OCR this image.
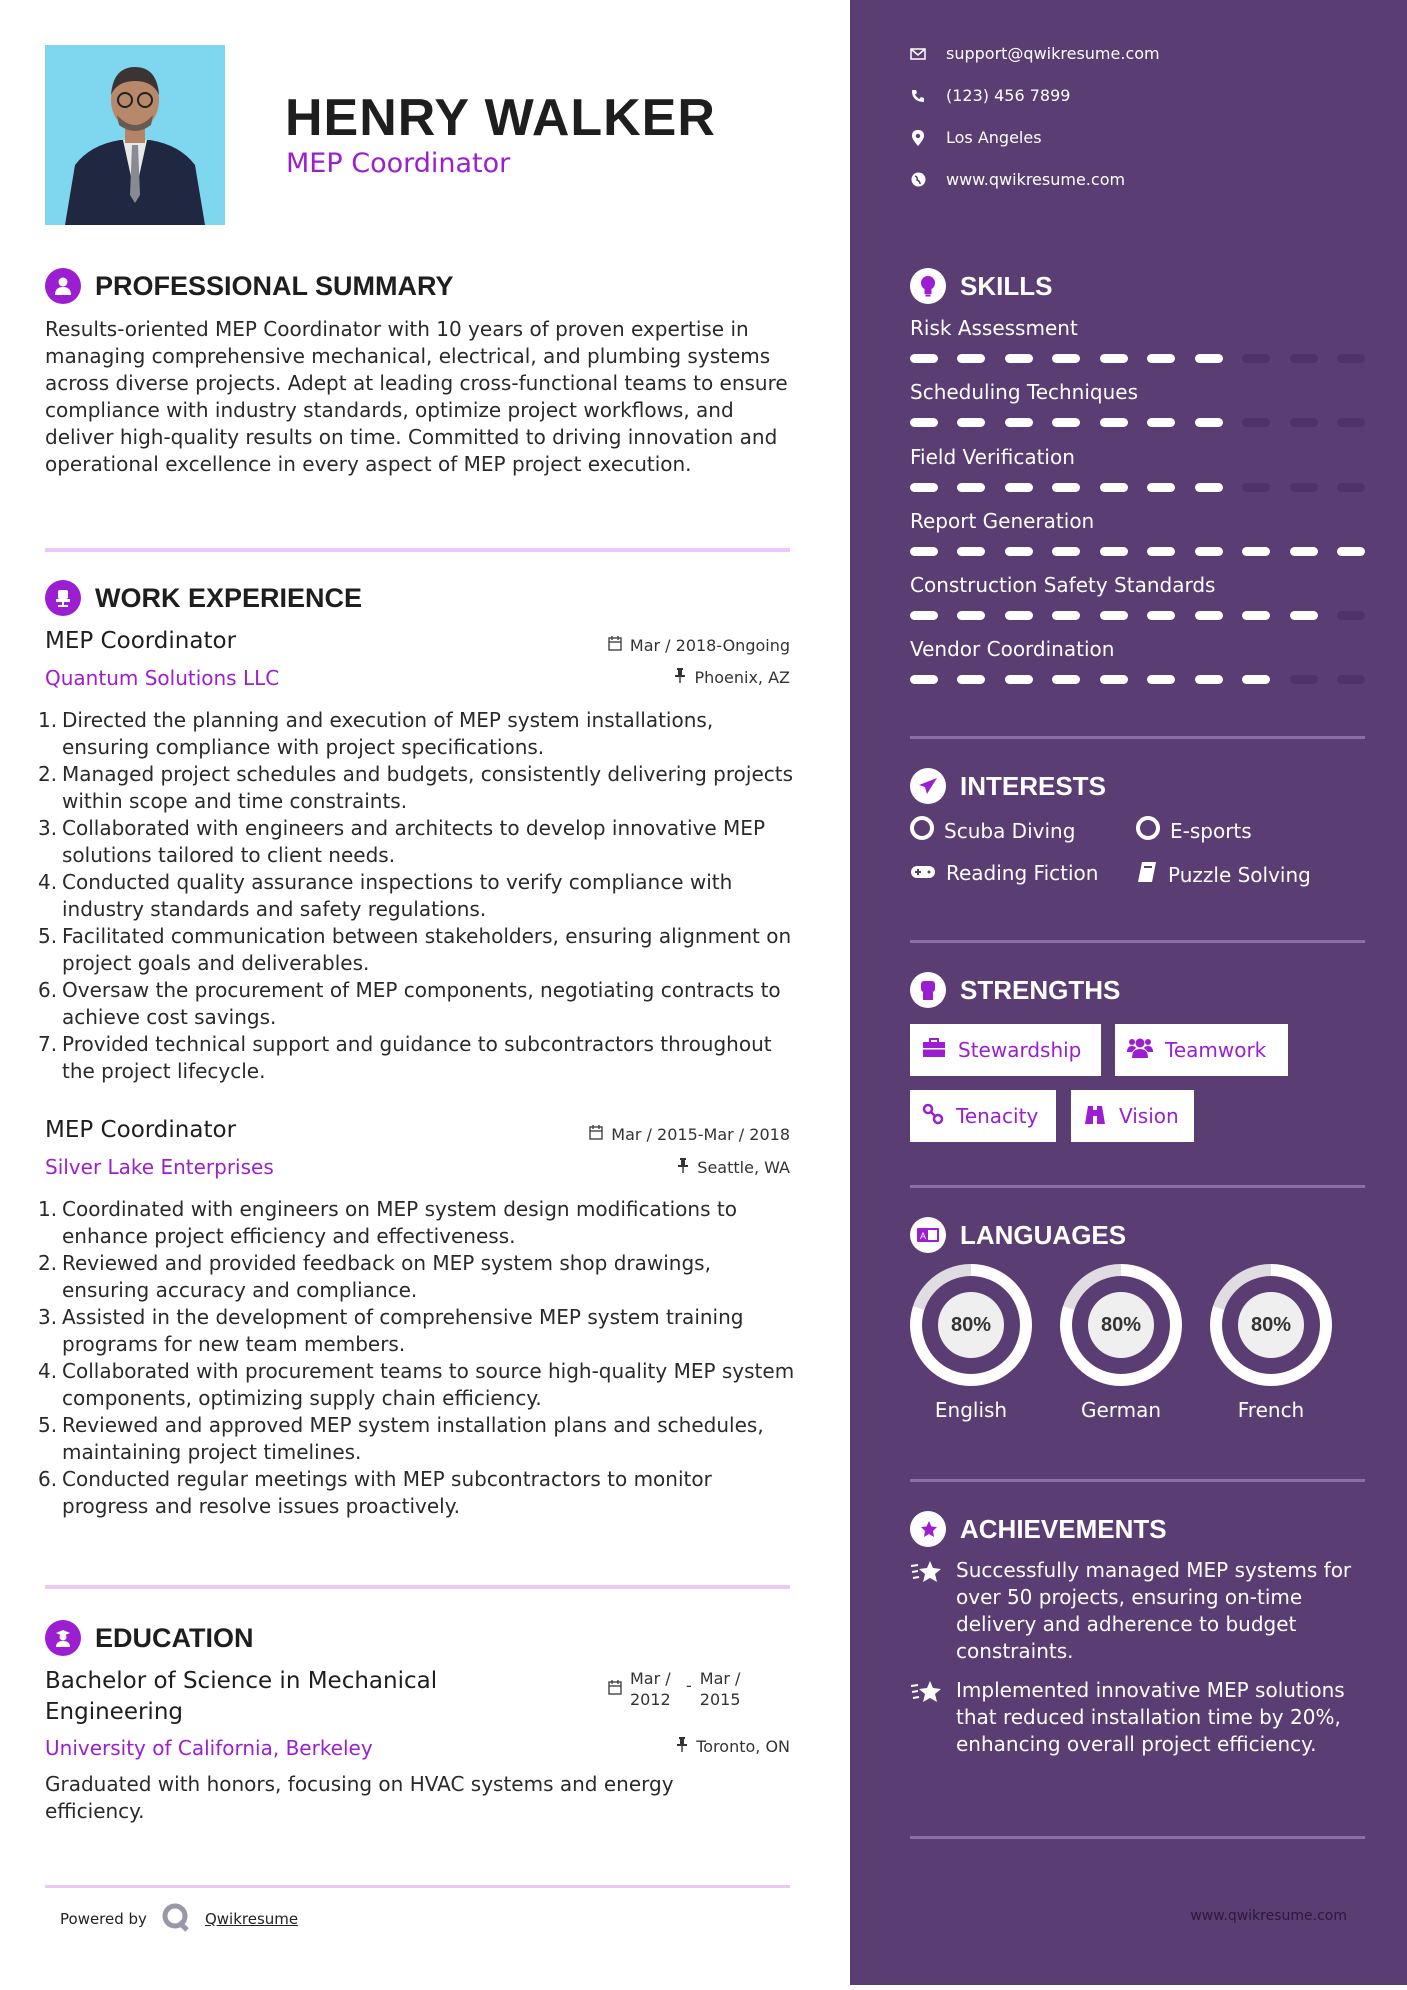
HENRY WALKER
MEP Coordinator
PROFESSIONAL SUMMARY
Results-oriented MEP Coordinator with 10 years of proven expertise in managing comprehensive mechanical, electrical, and plumbing systems across diverse projects. Adept at leading cross-functional teams to ensure compliance with industry standards, optimize project workflows, and deliver high-quality results on time. Committed to driving innovation and operational excellence in every aspect of MEP project execution.
WORK EXPERIENCE
MEP Coordinator	Mar / 2018-Ongoing
Quantum Solutions LLC	Phoenix, AZ
1. Directed the planning and execution of MEP system installations, ensuring compliance with project specifications.
2. Managed project schedules and budgets, consistently delivering projects within scope and time constraints.
3. Collaborated with engineers and architects to develop innovative MEP solutions tailored to client needs.
4. Conducted quality assurance inspections to verify compliance with industry standards and safety regulations.
5. Facilitated communication between stakeholders, ensuring alignment on project goals and deliverables.
6. Oversaw the procurement of MEP components, negotiating contracts to achieve cost savings.
7. Provided technical support and guidance to subcontractors throughout the project lifecycle.
MEP Coordinator	Mar / 2015-Mar / 2018
Silver Lake Enterprises	Seattle, WA
1. Coordinated with engineers on MEP system design modifications to enhance project efficiency and effectiveness.
2. Reviewed and provided feedback on MEP system shop drawings, ensuring accuracy and compliance.
3. Assisted in the development of comprehensive MEP system training programs for new team members.
4. Collaborated with procurement teams to source high-quality MEP system components, optimizing supply chain efficiency.
5. Reviewed and approved MEP system installation plans and schedules, maintaining project timelines.
6. Conducted regular meetings with MEP subcontractors to monitor progress and resolve issues proactively.
EDUCATION
Bachelor of Science in Mechanical Engineering
Mar / 2012
- Mar / 2015
University of California, Berkeley	Toronto, ON
Graduated with honors, focusing on HVAC systems and energy efficiency.
Powered by	Qwikresume
support@qwikresume.com
(123) 456 7899
Los Angeles
www.qwikresume.com
SKILLS
Risk Assessment
Scheduling Techniques
Field Verification
Report Generation
Construction Safety Standards
Vendor Coordination
INTERESTS
Scuba Diving	E-sports
Reading Fiction	Puzzle Solving
STRENGTHS
Stewardship	Teamwork
Tenacity	Vision
A LANGUAGES
80%
English
80%
German
80%
French
ACHIEVEMENTS
Successfully managed MEP systems for over 50 projects, ensuring on-time delivery and adherence to budget constraints.
Implemented innovative MEP solutions that reduced installation time by 20%, enhancing overall project efficiency.
www.qwikresume.com
